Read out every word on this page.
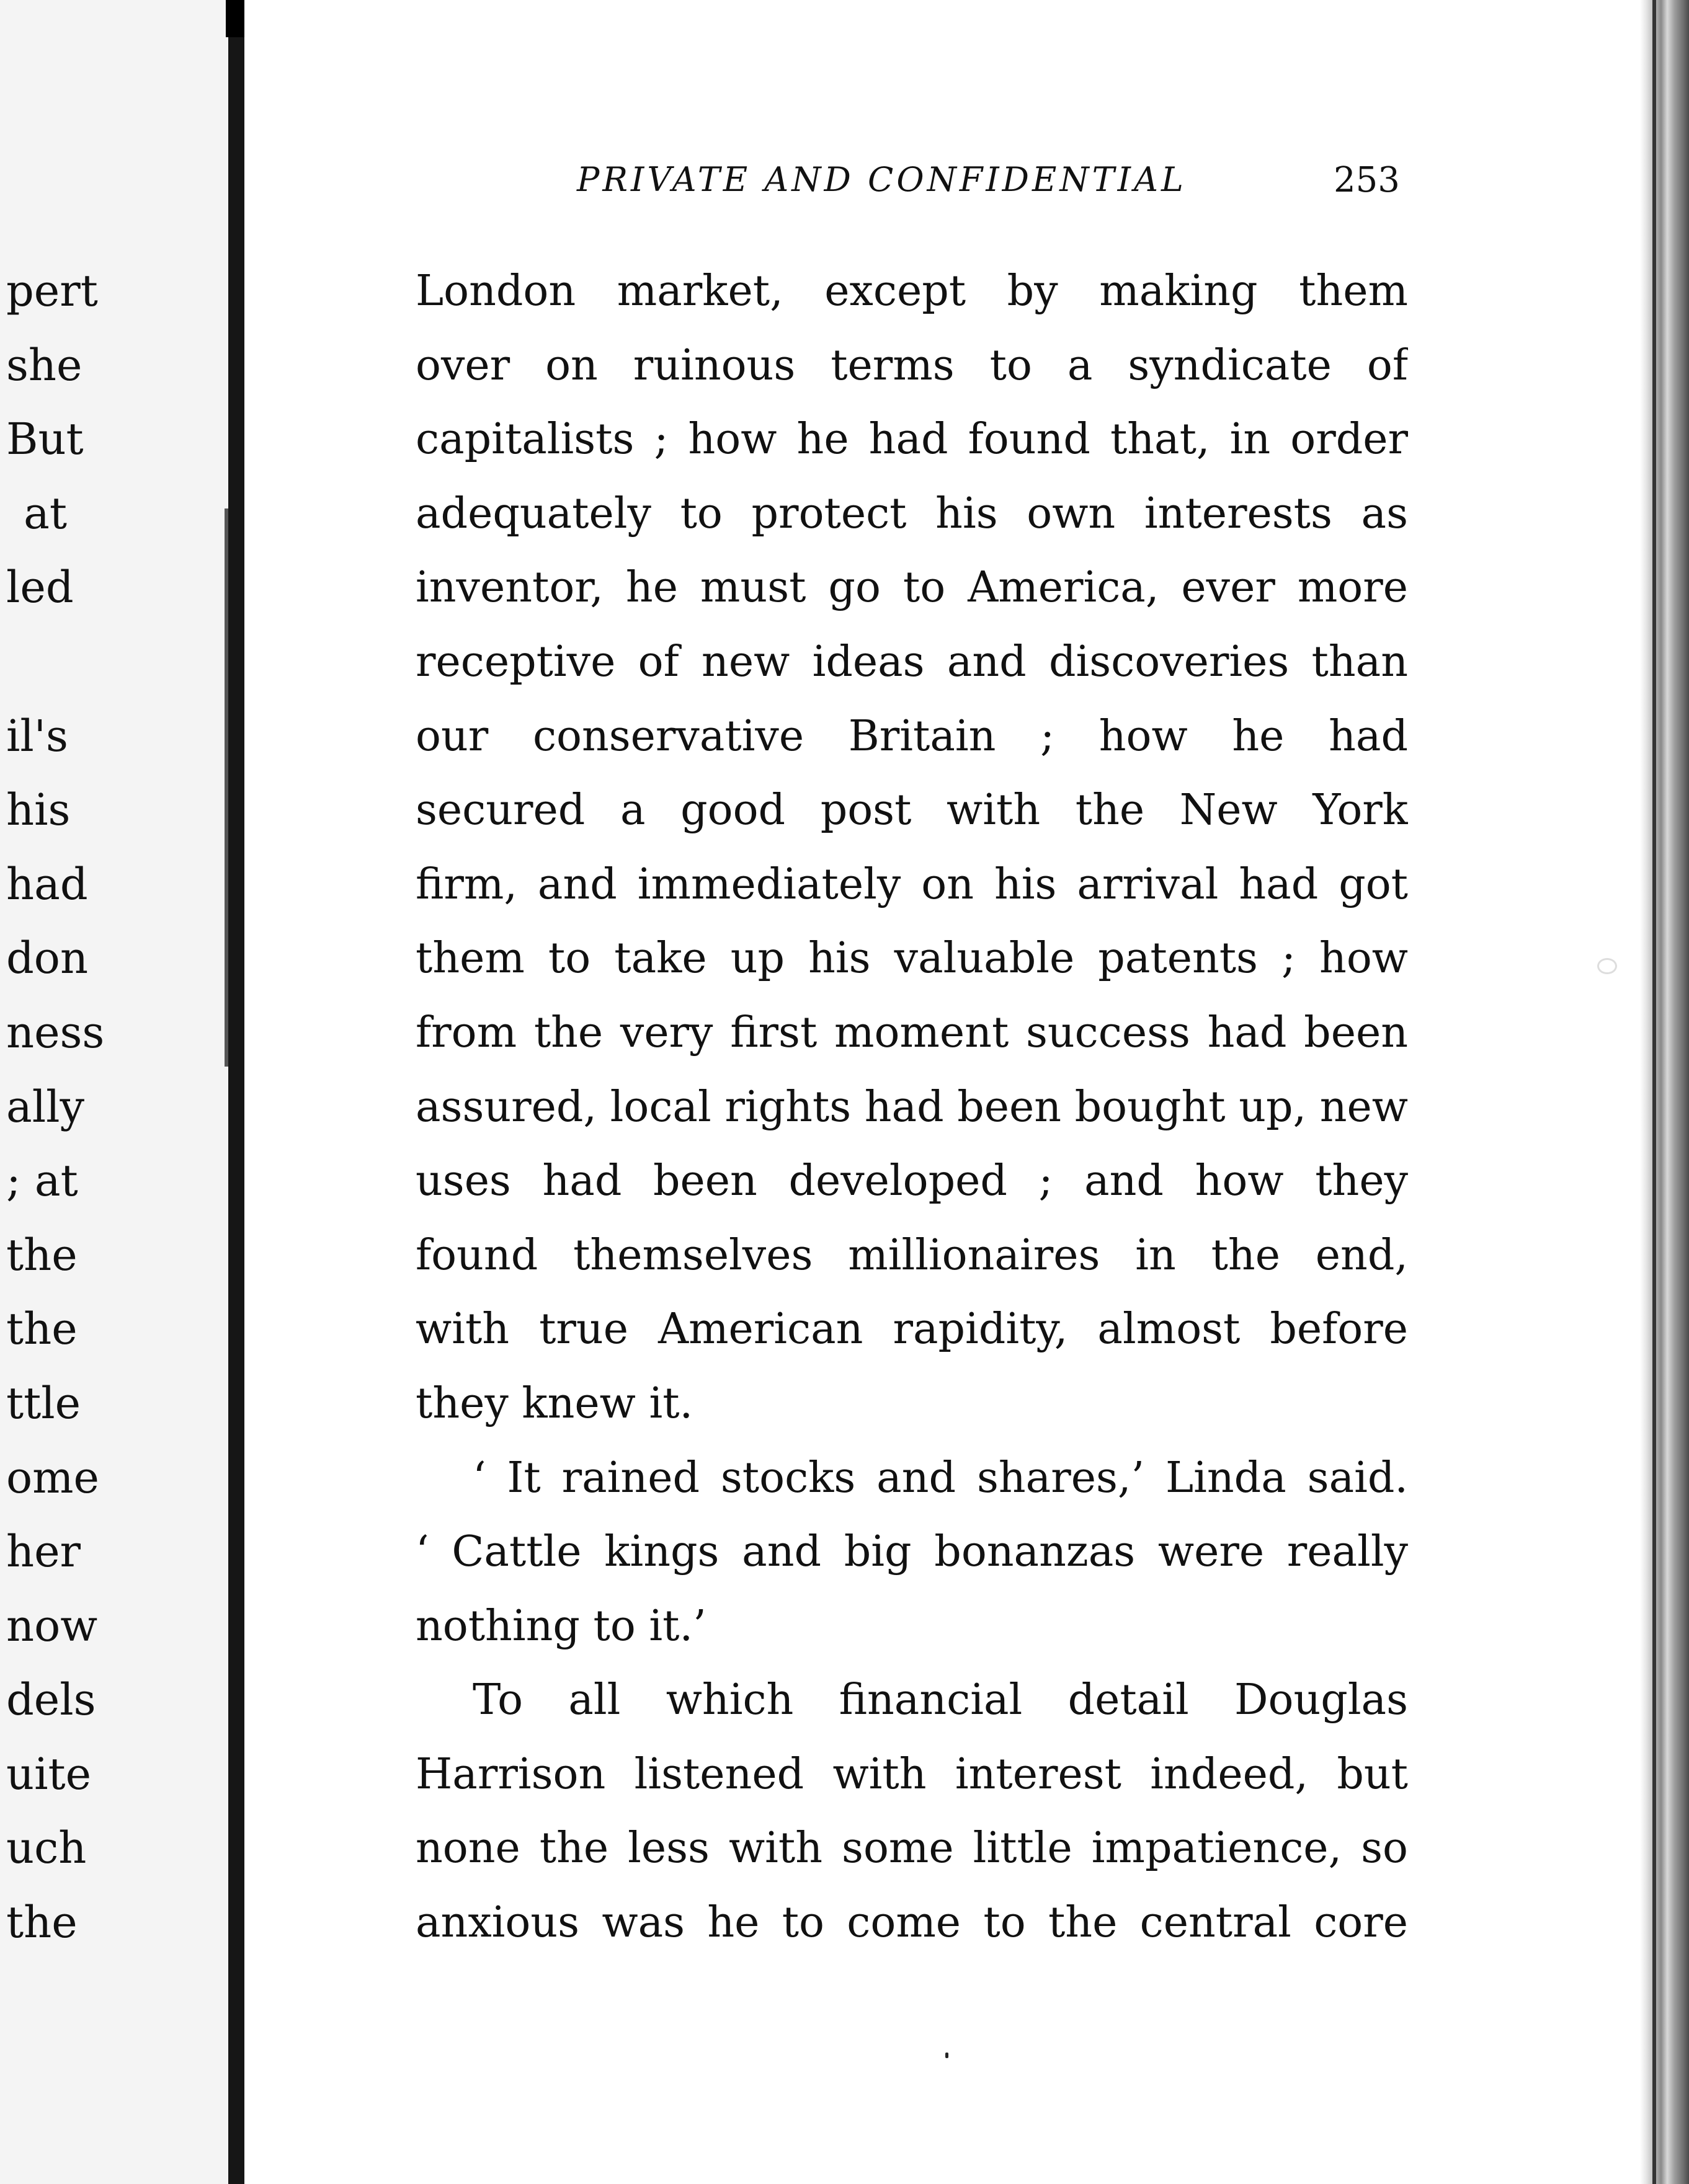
pert
she
But
at
led
il's
his
had
don
ness
ally
; at
the
the
ttle
ome
her
now
dels
uite
uch
the
PRIVATE AND CONFIDENTIAL	253
London market, except by making them
over on ruinous terms to a syndicate of
capitalists ; how he had found that, in order
adequately to protect his own interests as
inventor, he must go to America, ever more
receptive of new ideas and discoveries than
our conservative Britain ; how he had
secured a good post with the New York
firm, and immediately on his arrival had got
them to take up his valuable patents ; how
from the very first moment success had been
assured, local rights had been bought up, new
uses had been developed ; and how they
found themselves millionaires in the end,
with true American rapidity, almost before
they knew it.
‘ It rained stocks and shares,’ Linda said.
‘ Cattle kings and big bonanzas were really
nothing to it.’
To all which financial detail Douglas
Harrison listened with interest indeed, but
none the less with some little impatience, so
anxious was he to come to the central core
